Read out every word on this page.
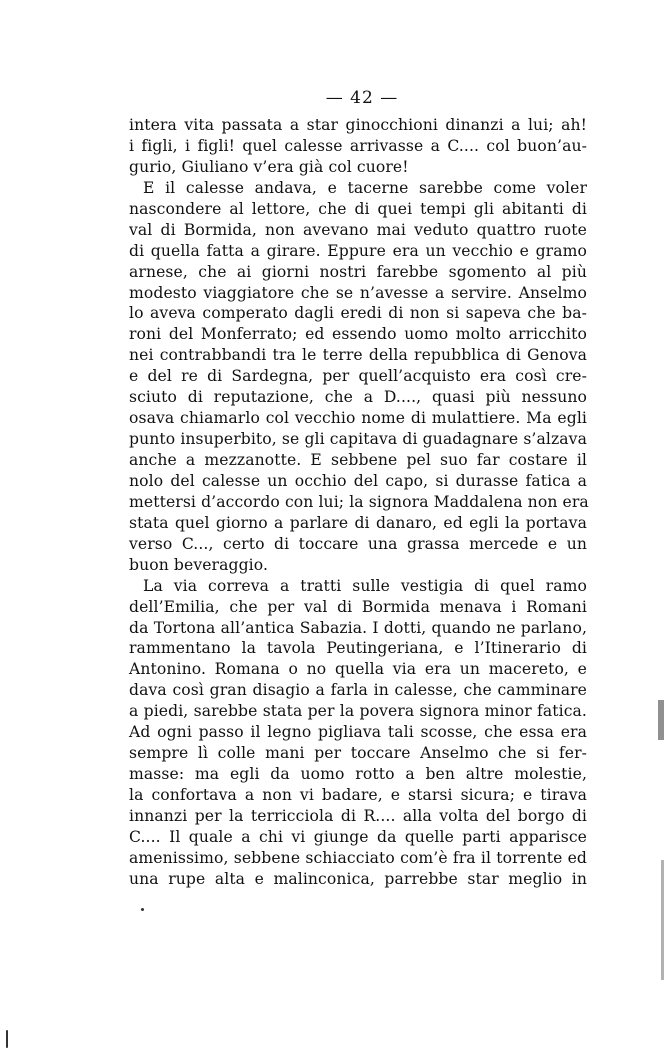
— 42 —
intera vita passata a star ginocchioni dinanzi a lui; ah!
i figli, i figli! quel calesse arrivasse a C.... col buon’au-
gurio, Giuliano v’era già col cuore!
E il calesse andava, e tacerne sarebbe come voler
nascondere al lettore, che di quei tempi gli abitanti di
val di Bormida, non avevano mai veduto quattro ruote
di quella fatta a girare. Eppure era un vecchio e gramo
arnese, che ai giorni nostri farebbe sgomento al più
modesto viaggiatore che se n’avesse a servire. Anselmo
lo aveva comperato dagli eredi di non si sapeva che ba-
roni del Monferrato; ed essendo uomo molto arricchito
nei contrabbandi tra le terre della repubblica di Genova
e del re di Sardegna, per quell’acquisto era così cre-
sciuto di reputazione, che a D...., quasi più nessuno
osava chiamarlo col vecchio nome di mulattiere. Ma egli
punto insuperbito, se gli capitava di guadagnare s’alzava
anche a mezzanotte. E sebbene pel suo far costare il
nolo del calesse un occhio del capo, si durasse fatica a
mettersi d’accordo con lui; la signora Maddalena non era
stata quel giorno a parlare di danaro, ed egli la portava
verso C..., certo di toccare una grassa mercede e un
buon beveraggio.
La via correva a tratti sulle vestigia di quel ramo
dell’Emilia, che per val di Bormida menava i Romani
da Tortona all’antica Sabazia. I dotti, quando ne parlano,
rammentano la tavola Peutingeriana, e l’Itinerario di
Antonino. Romana o no quella via era un macereto, e
dava così gran disagio a farla in calesse, che camminare
a piedi, sarebbe stata per la povera signora minor fatica.
Ad ogni passo il legno pigliava tali scosse, che essa era
sempre lì colle mani per toccare Anselmo che si fer-
masse: ma egli da uomo rotto a ben altre molestie,
la confortava a non vi badare, e starsi sicura; e tirava
innanzi per la terricciola di R.... alla volta del borgo di
C.... Il quale a chi vi giunge da quelle parti apparisce
amenissimo, sebbene schiacciato com’è fra il torrente ed
una rupe alta e malinconica, parrebbe star meglio in
